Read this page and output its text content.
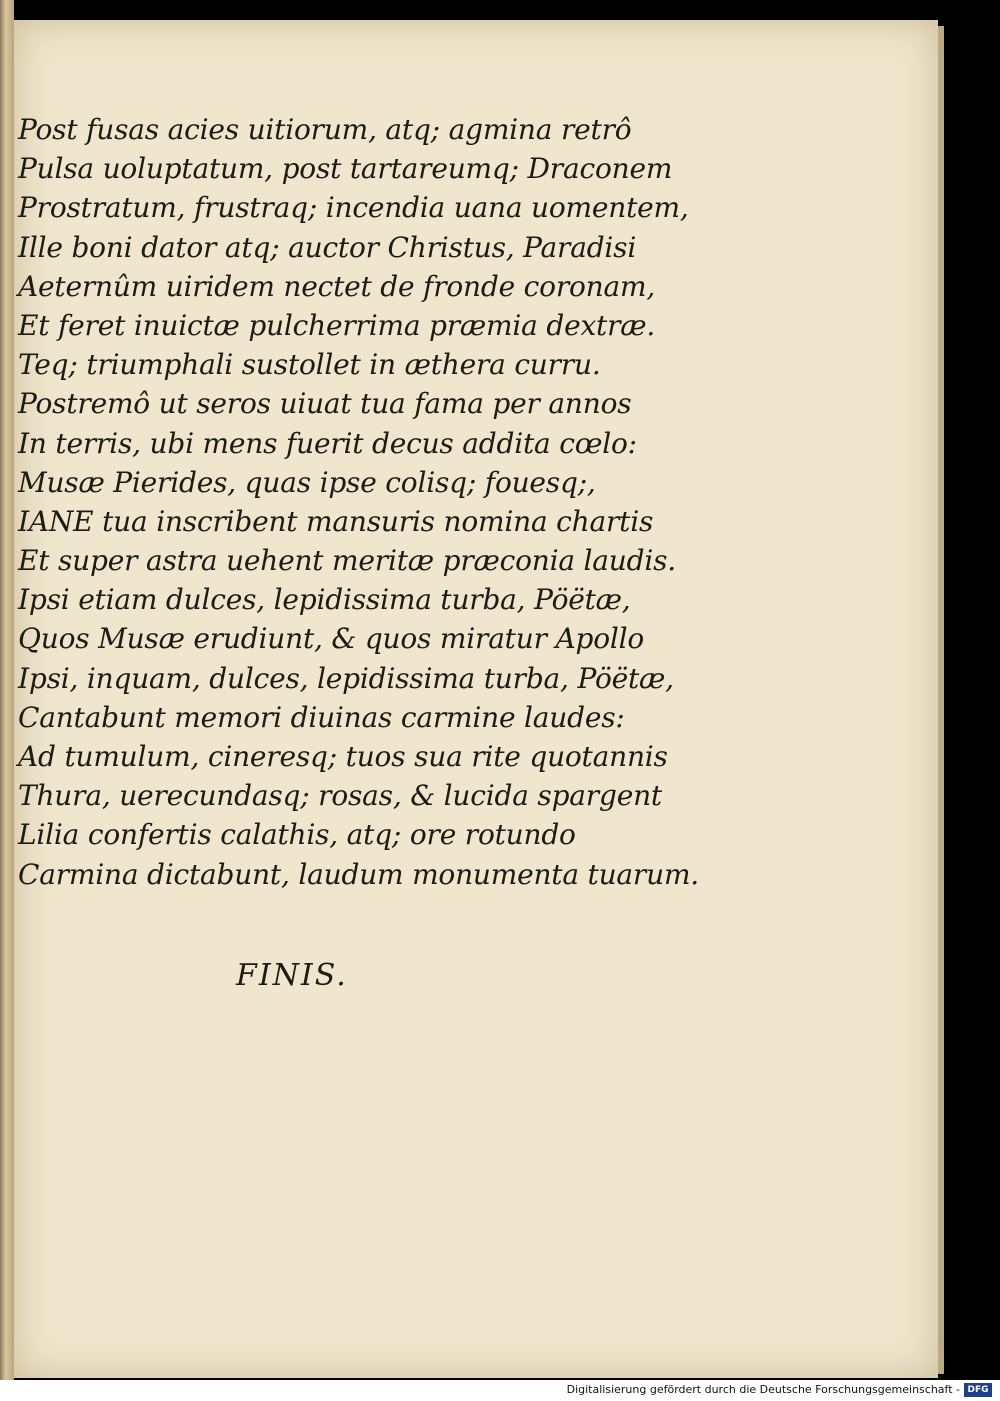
Post fusas acies uitiorum, atq; agmina retrô
Pulsa uoluptatum, post tartareumq; Draconem
Prostratum, frustraq; incendia uana uomentem,
Ille boni dator atq; auctor Christus, Paradisi
Aeternûm uiridem nectet de fronde coronam,
Et feret inuictæ pulcherrima præmia dextræ.
Teq; triumphali sustollet in æthera curru.
Postremô ut seros uiuat tua fama per annos
In terris, ubi mens fuerit decus addita cœlo:
Musæ Pierides, quas ipse colisq; fouesq;,
IANE tua inscribent mansuris nomina chartis
Et super astra uehent meritæ præconia laudis.
Ipsi etiam dulces, lepidissima turba, Pöëtæ,
Quos Musæ erudiunt, & quos miratur Apollo
Ipsi, inquam, dulces, lepidissima turba, Pöëtæ,
Cantabunt memori diuinas carmine laudes:
Ad tumulum, cineresq; tuos sua rite quotannis
Thura, uerecundasq; rosas, & lucida spargent
Lilia confertis calathis, atq; ore rotundo
Carmina dictabunt, laudum monumenta tuarum.
FINIS.
Digitalisierung gefördert durch die Deutsche Forschungsgemeinschaft - DFG
